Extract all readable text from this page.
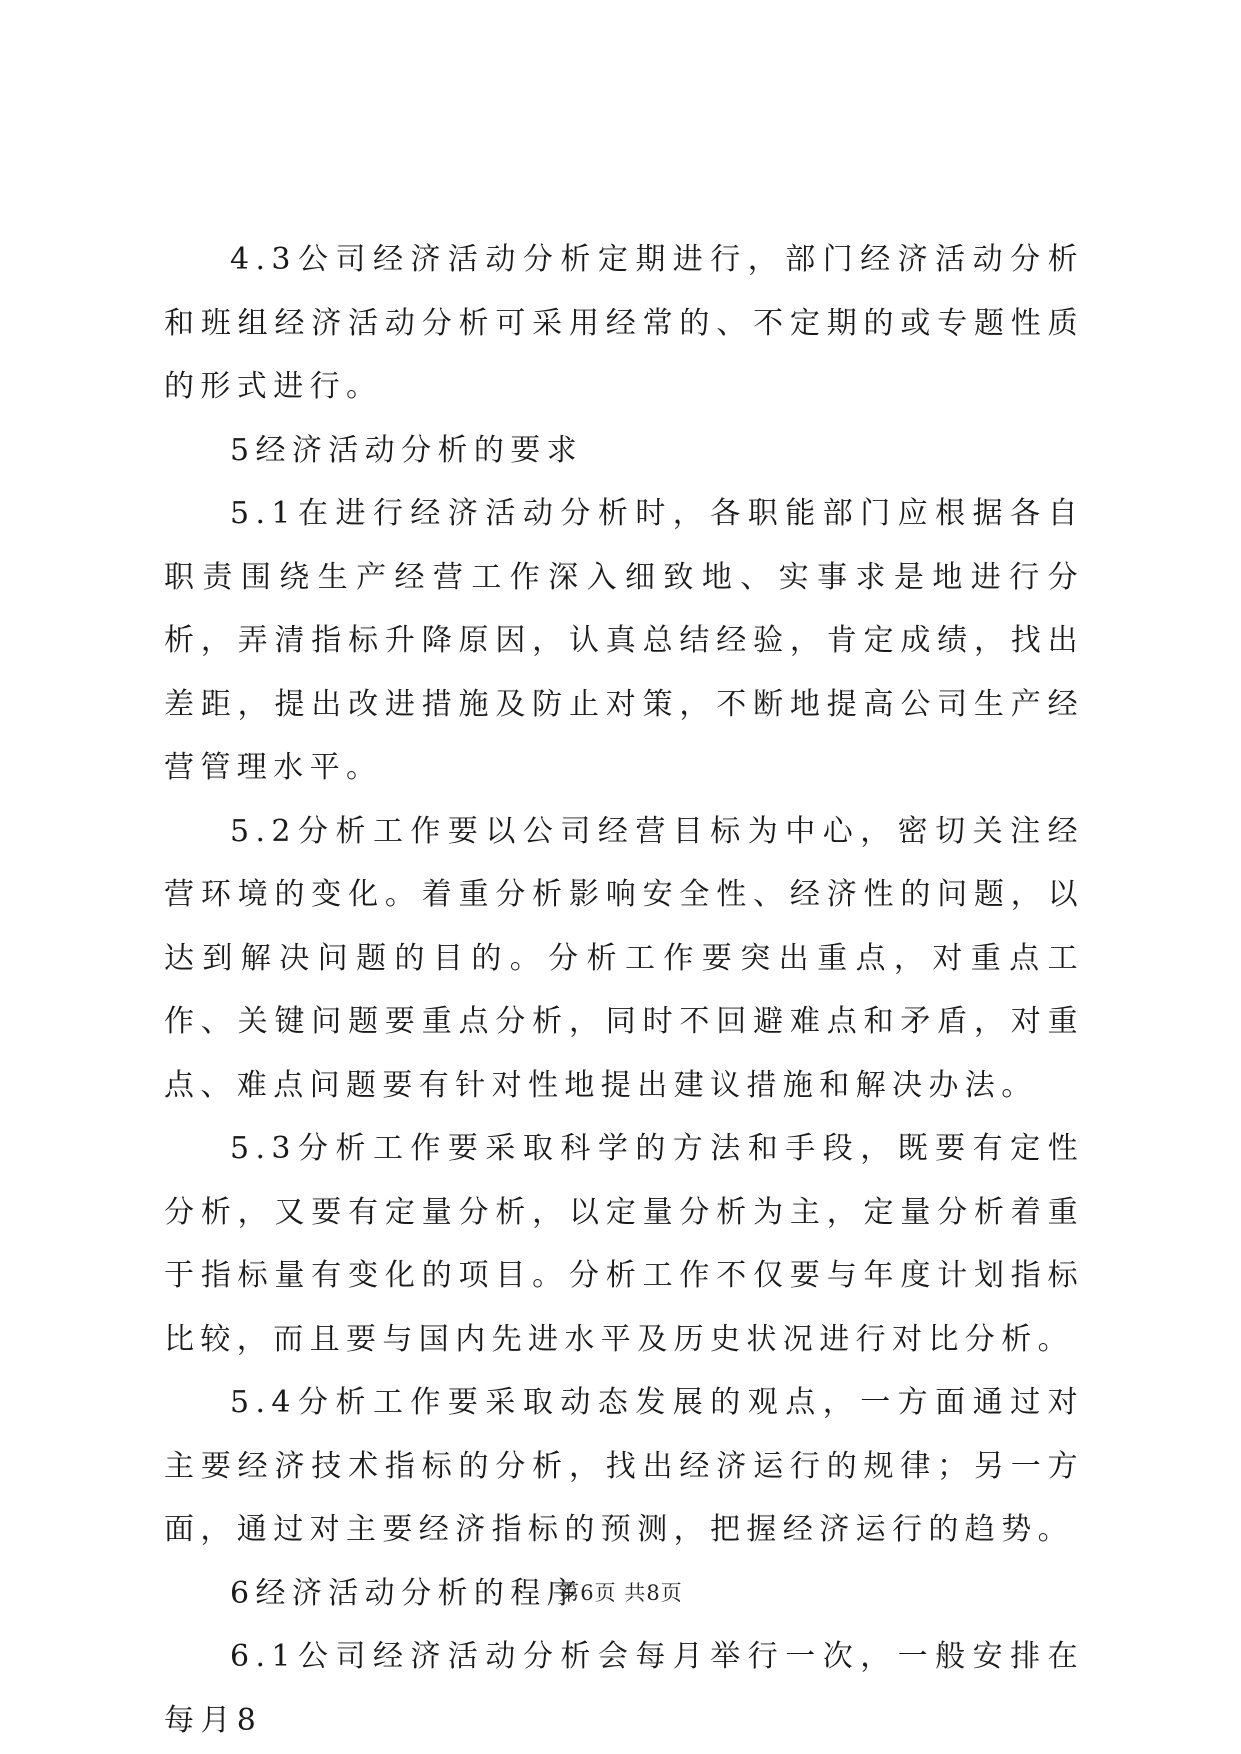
4.3公司经济活动分析定期进行，部门经济活动分析和班组经济活动分析可采用经常的、不定期的或专题性质的形式进行。

5经济活动分析的要求

5.1在进行经济活动分析时，各职能部门应根据各自职责围绕生产经营工作深入细致地、实事求是地进行分析，弄清指标升降原因，认真总结经验，肯定成绩，找出差距，提出改进措施及防止对策，不断地提高公司生产经营管理水平。

5.2分析工作要以公司经营目标为中心，密切关注经营环境的变化。着重分析影响安全性、经济性的问题，以达到解决问题的目的。分析工作要突出重点，对重点工作、关键问题要重点分析，同时不回避难点和矛盾，对重点、难点问题要有针对性地提出建议措施和解决办法。

5.3分析工作要采取科学的方法和手段，既要有定性分析，又要有定量分析，以定量分析为主，定量分析着重于指标量有变化的项目。分析工作不仅要与年度计划指标比较，而且要与国内先进水平及历史状况进行对比分析。

5.4分析工作要采取动态发展的观点，一方面通过对主要经济技术指标的分析，找出经济运行的规律；另一方面，通过对主要经济指标的预测，把握经济运行的趋势。

6经济活动分析的程序

6.1公司经济活动分析会每月举行一次，一般安排在每月8

第6页 共8页
